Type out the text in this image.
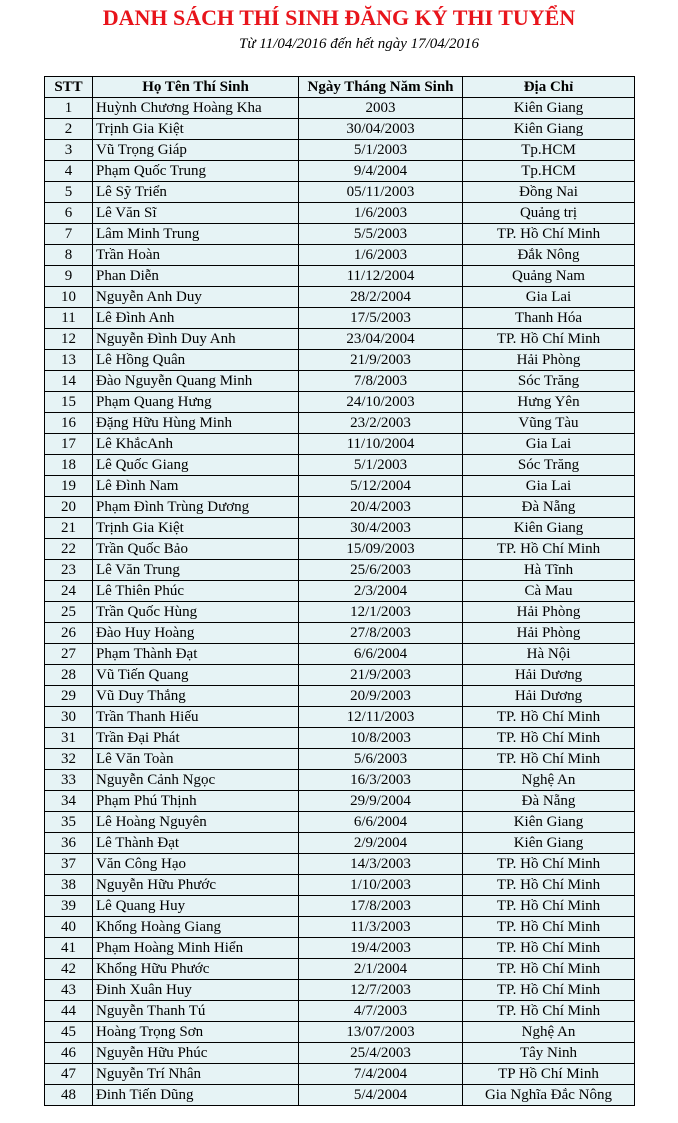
DANH SÁCH THÍ SINH ĐĂNG KÝ THI TUYỂN
Từ 11/04/2016 đến hết ngày 17/04/2016
STT	Họ Tên Thí Sinh	Ngày Tháng Năm Sinh	Địa Chỉ
1	Huỳnh Chương Hoàng Kha	2003	Kiên Giang
2	Trịnh Gia Kiệt	30/04/2003	Kiên Giang
3	Vũ Trọng Giáp	5/1/2003	Tp.HCM
4	Phạm Quốc Trung	9/4/2004	Tp.HCM
5	Lê Sỹ Triển	05/11/2003	Đồng Nai
6	Lê Văn Sĩ	1/6/2003	Quảng trị
7	Lâm Minh Trung	5/5/2003	TP. Hồ Chí Minh
8	Trần Hoàn	1/6/2003	Đắk Nông
9	Phan Diễn	11/12/2004	Quảng Nam
10	Nguyễn Anh Duy	28/2/2004	Gia Lai
11	Lê Đình Anh	17/5/2003	Thanh Hóa
12	Nguyễn Đình Duy Anh	23/04/2004	TP. Hồ Chí Minh
13	Lê Hồng Quân	21/9/2003	Hải Phòng
14	Đào Nguyễn Quang Minh	7/8/2003	Sóc Trăng
15	Phạm Quang Hưng	24/10/2003	Hưng Yên
16	Đặng Hữu Hùng Minh	23/2/2003	Vũng Tàu
17	Lê KhắcAnh	11/10/2004	Gia Lai
18	Lê Quốc Giang	5/1/2003	Sóc Trăng
19	Lê Đình Nam	5/12/2004	Gia Lai
20	Phạm Đình Trùng Dương	20/4/2003	Đà Nẵng
21	Trịnh Gia Kiệt	30/4/2003	Kiên Giang
22	Trần Quốc Bảo	15/09/2003	TP. Hồ Chí Minh
23	Lê Văn Trung	25/6/2003	Hà Tĩnh
24	Lê Thiên Phúc	2/3/2004	Cà Mau
25	Trần Quốc Hùng	12/1/2003	Hải Phòng
26	Đào Huy Hoàng	27/8/2003	Hải Phòng
27	Phạm Thành Đạt	6/6/2004	Hà Nội
28	Vũ Tiến Quang	21/9/2003	Hải Dương
29	Vũ Duy Thắng	20/9/2003	Hải Dương
30	Trần Thanh Hiếu	12/11/2003	TP. Hồ Chí Minh
31	Trần Đại Phát	10/8/2003	TP. Hồ Chí Minh
32	Lê Văn Toàn	5/6/2003	TP. Hồ Chí Minh
33	Nguyễn Cảnh Ngọc	16/3/2003	Nghệ An
34	Phạm Phú Thịnh	29/9/2004	Đà Nẵng
35	Lê Hoàng Nguyên	6/6/2004	Kiên Giang
36	Lê Thành Đạt	2/9/2004	Kiên Giang
37	Văn Công Hạo	14/3/2003	TP. Hồ Chí Minh
38	Nguyễn Hữu Phước	1/10/2003	TP. Hồ Chí Minh
39	Lê Quang Huy	17/8/2003	TP. Hồ Chí Minh
40	Khổng Hoàng Giang	11/3/2003	TP. Hồ Chí Minh
41	Phạm Hoàng Minh Hiển	19/4/2003	TP. Hồ Chí Minh
42	Khổng Hữu Phước	2/1/2004	TP. Hồ Chí Minh
43	Đinh Xuân Huy	12/7/2003	TP. Hồ Chí Minh
44	Nguyễn Thanh Tú	4/7/2003	TP. Hồ Chí Minh
45	Hoàng Trọng Sơn	13/07/2003	Nghệ An
46	Nguyễn Hữu Phúc	25/4/2003	Tây Ninh
47	Nguyễn Trí Nhân	7/4/2004	TP Hồ Chí Minh
48	Đinh Tiến Dũng	5/4/2004	Gia Nghĩa Đắc Nông
